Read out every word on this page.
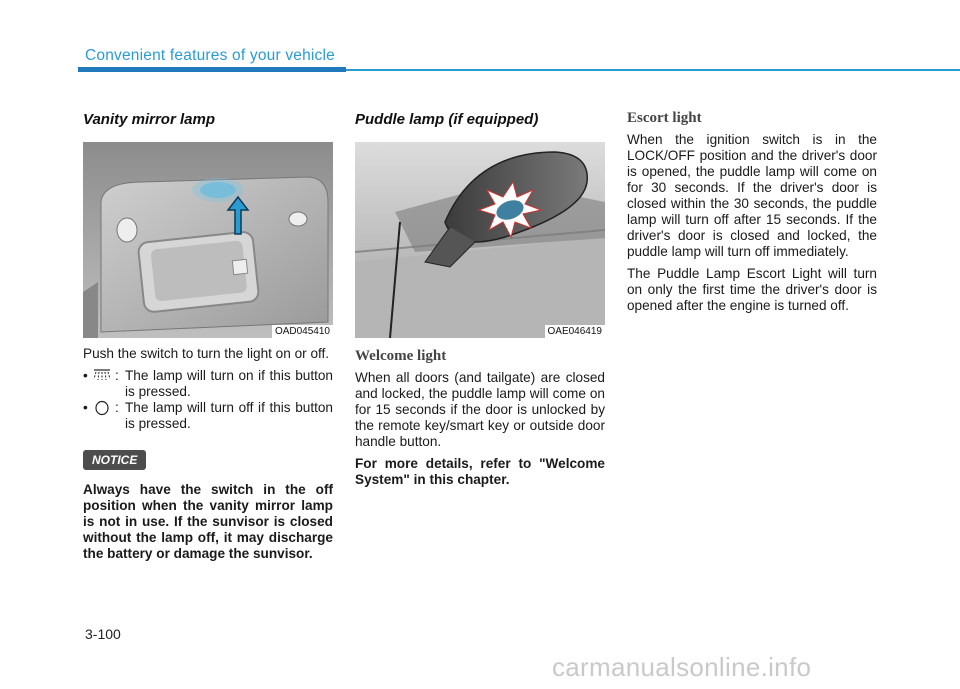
Convenient features of your vehicle
Vanity mirror lamp
OAD045410
Push the switch to turn the light on or off.
• : The lamp will turn on if this button is pressed.
• : The lamp will turn off if this button is pressed.
NOTICE
Always have the switch in the off position when the vanity mirror lamp is not in use. If the sunvisor is closed without the lamp off, it may discharge the battery or damage the sunvisor.
Puddle lamp (if equipped)
OAE046419
Welcome light
When all doors (and tailgate) are closed and locked, the puddle lamp will come on for 15 seconds if the door is unlocked by the remote key/smart key or outside door handle button.
For more details, refer to "Welcome System" in this chapter.
Escort light
When the ignition switch is in the LOCK/OFF position and the driver's door is opened, the puddle lamp will come on for 30 seconds. If the driver's door is closed within the 30 seconds, the puddle lamp will turn off after 15 seconds. If the driver's door is closed and locked, the puddle lamp will turn off immediately.
The Puddle Lamp Escort Light will turn on only the first time the driver's door is opened after the engine is turned off.
3-100
carmanualsonline.info
